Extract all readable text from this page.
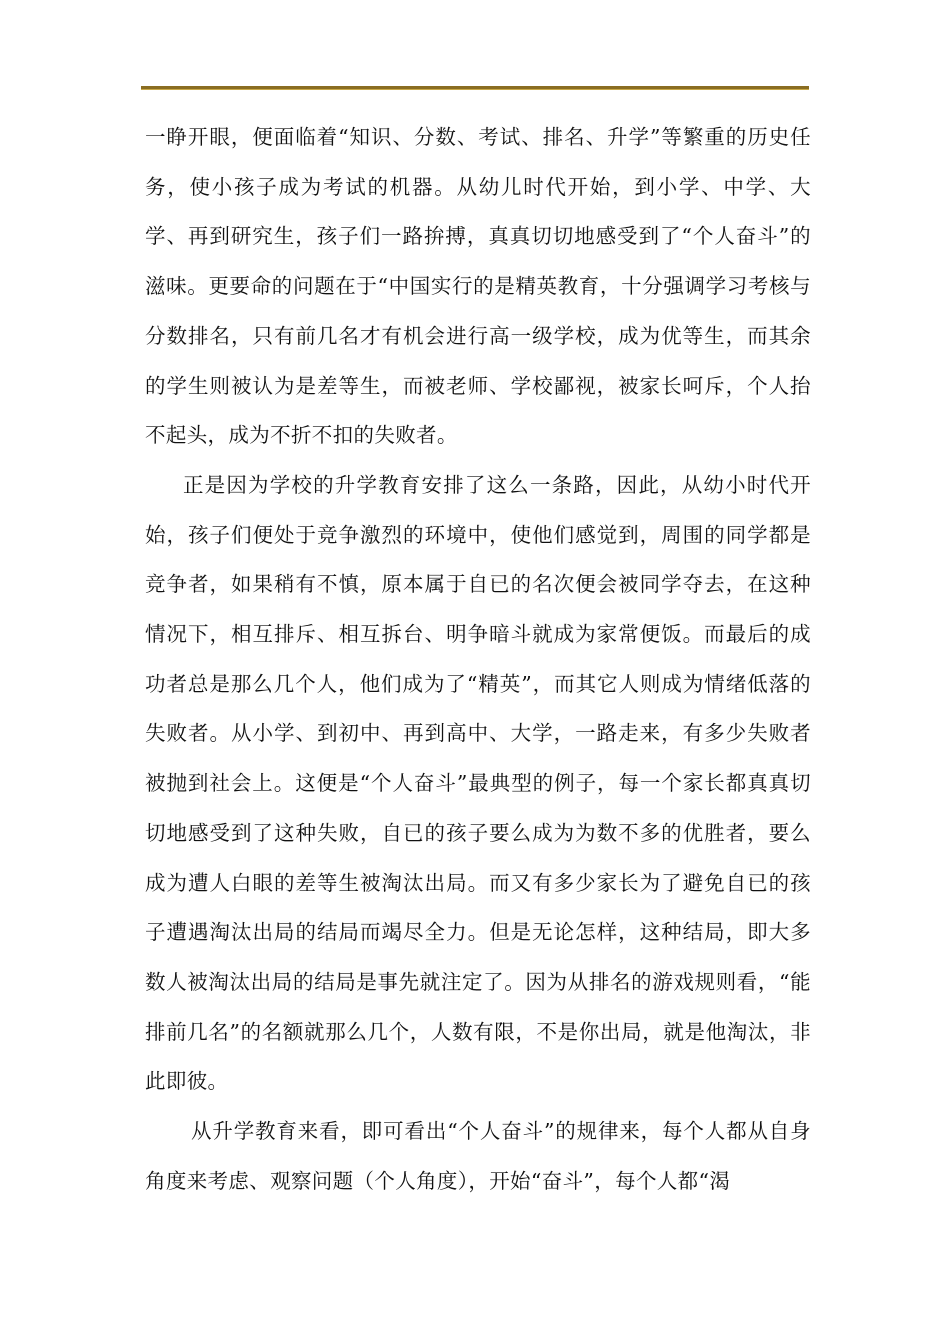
一睁开眼，便面临着“知识、分数、考试、排名、升学”等繁重的历史任务，使小孩子成为考试的机器。从幼儿时代开始，到小学、中学、大学、再到研究生，孩子们一路拚搏，真真切切地感受到了“个人奋斗”的滋味。更要命的问题在于“中国实行的是精英教育，十分强调学习考核与分数排名，只有前几名才有机会进行高一级学校，成为优等生，而其余的学生则被认为是差等生，而被老师、学校鄙视，被家长呵斥，个人抬不起头，成为不折不扣的失败者。

正是因为学校的升学教育安排了这么一条路，因此，从幼小时代开始，孩子们便处于竞争激烈的环境中，使他们感觉到，周围的同学都是竞争者，如果稍有不慎，原本属于自已的名次便会被同学夺去，在这种情况下，相互排斥、相互拆台、明争暗斗就成为家常便饭。而最后的成功者总是那么几个人，他们成为了“精英”，而其它人则成为情绪低落的失败者。从小学、到初中、再到高中、大学，一路走来，有多少失败者被抛到社会上。这便是“个人奋斗”最典型的例子，每一个家长都真真切切地感受到了这种失败，自已的孩子要么成为为数不多的优胜者，要么成为遭人白眼的差等生被淘汰出局。而又有多少家长为了避免自已的孩子遭遇淘汰出局的结局而竭尽全力。但是无论怎样，这种结局，即大多数人被淘汰出局的结局是事先就注定了。因为从排名的游戏规则看，“能排前几名”的名额就那么几个，人数有限，不是你出局，就是他淘汰，非此即彼。

从升学教育来看，即可看出“个人奋斗”的规律来，每个人都从自身角度来考虑、观察问题（个人角度），开始“奋斗”，每个人都“渴
